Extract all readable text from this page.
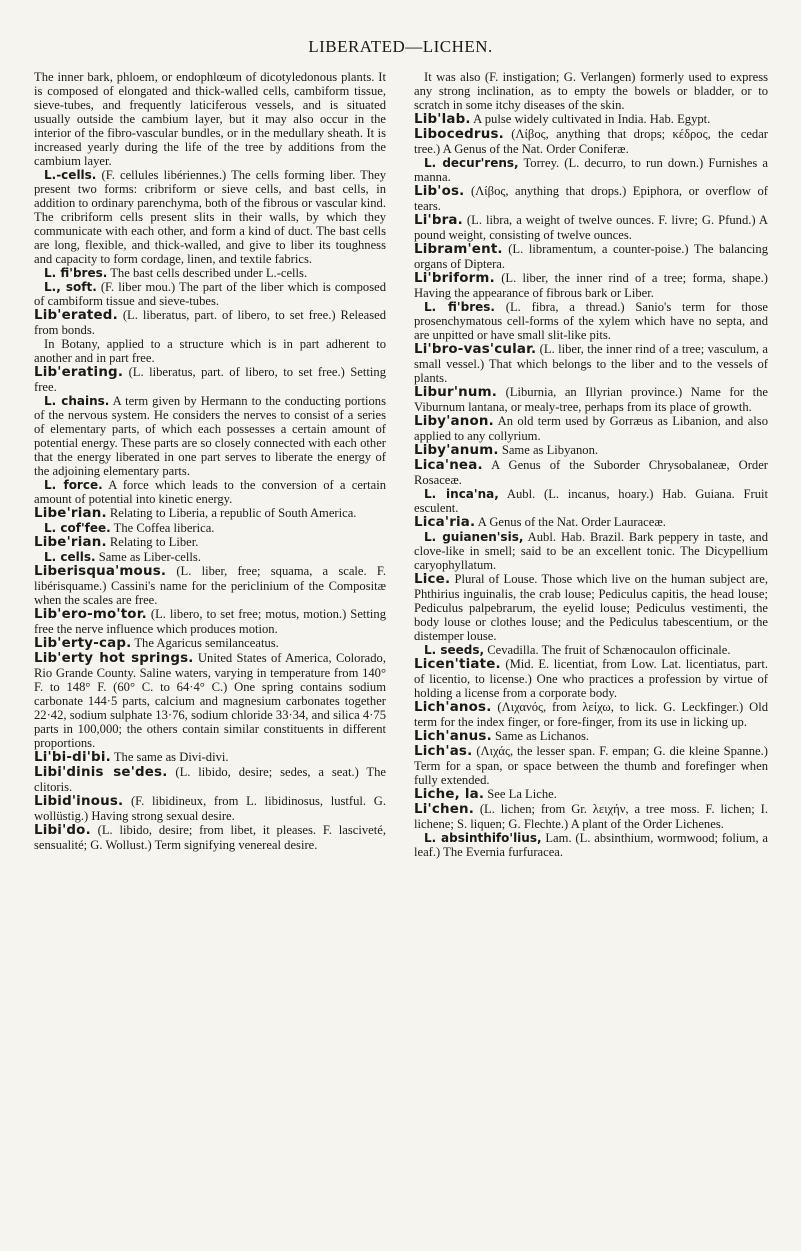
LIBERATED—LICHEN.

The inner bark, phloem, or endophlœum of dicotyledonous plants. It is composed of elongated and thick-walled cells, cambiform tissue, sieve-tubes, and frequently laticiferous vessels, and is situated usually outside the cambium layer, but it may also occur in the interior of the fibro-vascular bundles, or in the medullary sheath. It is increased yearly during the life of the tree by additions from the cambium layer.

L.-cells. (F. cellules libériennes.) The cells forming liber. They present two forms: cribriform or sieve cells, and bast cells, in addition to ordinary parenchyma, both of the fibrous or vascular kind. The cribriform cells present slits in their walls, by which they communicate with each other, and form a kind of duct. The bast cells are long, flexible, and thick-walled, and give to liber its toughness and capacity to form cordage, linen, and textile fabrics.

L. fi'bres. The bast cells described under L.-cells.

L., soft. (F. liber mou.) The part of the liber which is composed of cambiform tissue and sieve-tubes.

Lib'erated. (L. liberatus, part. of libero, to set free.) Released from bonds.

In Botany, applied to a structure which is in part adherent to another and in part free.

Lib'erating. (L. liberatus, part. of libero, to set free.) Setting free.

L. chains. A term given by Hermann to the conducting portions of the nervous system. He considers the nerves to consist of a series of elementary parts, of which each possesses a certain amount of potential energy. These parts are so closely connected with each other that the energy liberated in one part serves to liberate the energy of the adjoining elementary parts.

L. force. A force which leads to the conversion of a certain amount of potential into kinetic energy.

Libe'rian. Relating to Liberia, a republic of South America.

L. cof'fee. The Coffea liberica.

Libe'rian. Relating to Liber.

L. cells. Same as Liber-cells.

Liberisqua'mous. (L. liber, free; squama, a scale. F. libérisquame.) Cassini's name for the periclinium of the Compositæ when the scales are free.

Lib'ero-mo'tor. (L. libero, to set free; motus, motion.) Setting free the nerve influence which produces motion.

Lib'erty-cap. The Agaricus semilanceatus.

Lib'erty hot springs. United States of America, Colorado, Rio Grande County. Saline waters, varying in temperature from 140° F. to 148° F. (60° C. to 64·4° C.) One spring contains sodium carbonate 144·5 parts, calcium and magnesium carbonates together 22·42, sodium sulphate 13·76, sodium chloride 33·34, and silica 4·75 parts in 100,000; the others contain similar constituents in different proportions.

Li'bi-di'bi. The same as Divi-divi.

Libi'dinis se'des. (L. libido, desire; sedes, a seat.) The clitoris.

Libid'inous. (F. libidineux, from L. libidinosus, lustful. G. wollüstig.) Having strong sexual desire.

Libi'do. (L. libido, desire; from libet, it pleases. F. lasciveté, sensualité; G. Wollust.) Term signifying venereal desire.

It was also (F. instigation; G. Verlangen) formerly used to express any strong inclination, as to empty the bowels or bladder, or to scratch in some itchy diseases of the skin.

Lib'lab. A pulse widely cultivated in India. Hab. Egypt.

Libocedrus. (Λίβος, anything that drops; κέδρος, the cedar tree.) A Genus of the Nat. Order Coniferæ.

L. decur'rens, Torrey. (L. decurro, to run down.) Furnishes a manna.

Lib'os. (Λίβος, anything that drops.) Epiphora, or overflow of tears.

Li'bra. (L. libra, a weight of twelve ounces. F. livre; G. Pfund.) A pound weight, consisting of twelve ounces.

Libram'ent. (L. libramentum, a counter-poise.) The balancing organs of Diptera.

Li'briform. (L. liber, the inner rind of a tree; forma, shape.) Having the appearance of fibrous bark or Liber.

L. fi'bres. (L. fibra, a thread.) Sanio's term for those prosenchymatous cell-forms of the xylem which have no septa, and are unpitted or have small slit-like pits.

Li'bro-vas'cular. (L. liber, the inner rind of a tree; vasculum, a small vessel.) That which belongs to the liber and to the vessels of plants.

Libur'num. (Liburnia, an Illyrian province.) Name for the Viburnum lantana, or mealy-tree, perhaps from its place of growth.

Liby'anon. An old term used by Gorræus as Libanion, and also applied to any collyrium.

Liby'anum. Same as Libyanon.

Lica'nea. A Genus of the Suborder Chrysobalaneæ, Order Rosaceæ.

L. inca'na, Aubl. (L. incanus, hoary.) Hab. Guiana. Fruit esculent.

Lica'ria. A Genus of the Nat. Order Lauraceæ.

L. guianen'sis, Aubl. Hab. Brazil. Bark peppery in taste, and clove-like in smell; said to be an excellent tonic. The Dicypellium caryophyllatum.

Lice. Plural of Louse. Those which live on the human subject are, Phthirius inguinalis, the crab louse; Pediculus capitis, the head louse; Pediculus palpebrarum, the eyelid louse; Pediculus vestimenti, the body louse or clothes louse; and the Pediculus tabescentium, or the distemper louse.

L. seeds, Cevadilla. The fruit of Schænocaulon officinale.

Licen'tiate. (Mid. E. licentiat, from Low. Lat. licentiatus, part. of licentio, to license.) One who practices a profession by virtue of holding a license from a corporate body.

Lich'anos. (Λιχανός, from λείχω, to lick. G. Leckfinger.) Old term for the index finger, or fore-finger, from its use in licking up.

Lich'anus. Same as Lichanos.

Lich'as. (Λιχάς, the lesser span. F. empan; G. die kleine Spanne.) Term for a span, or space between the thumb and forefinger when fully extended.

Liche, la. See La Liche.

Li'chen. (L. lichen; from Gr. λειχήν, a tree moss. F. lichen; I. lichene; S. liquen; G. Flechte.) A plant of the Order Lichenes.

L. absinthifo'lius, Lam. (L. absinthium, wormwood; folium, a leaf.) The Evernia furfuracea.
